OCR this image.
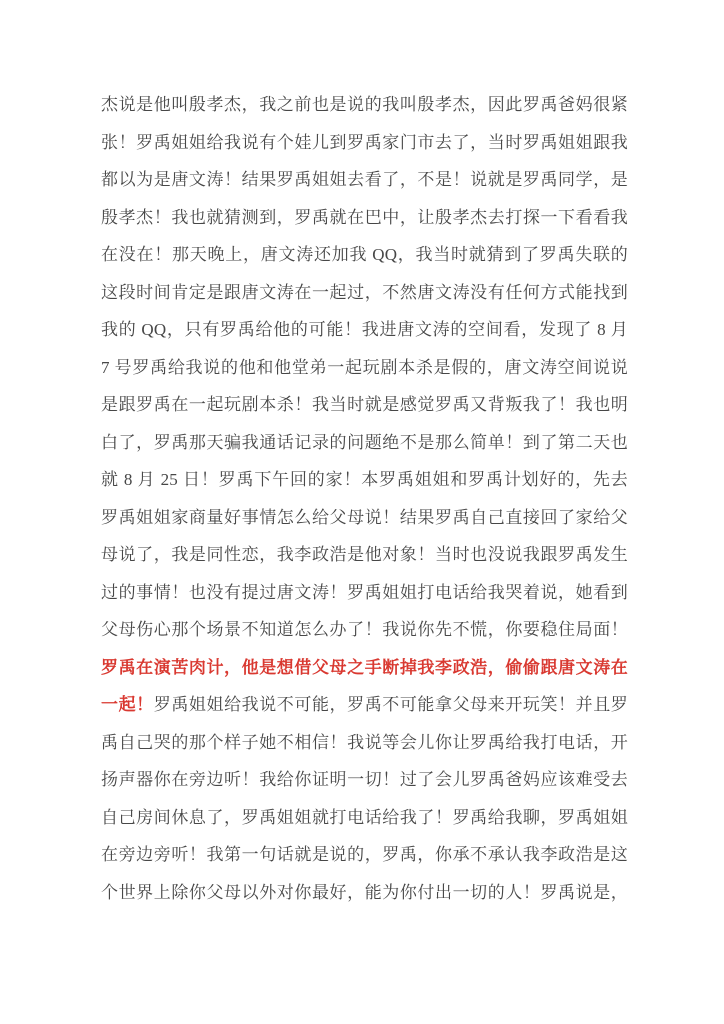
杰说是他叫殷孝杰，我之前也是说的我叫殷孝杰，因此罗禹爸妈很紧
张！罗禹姐姐给我说有个娃儿到罗禹家门市去了，当时罗禹姐姐跟我
都以为是唐文涛！结果罗禹姐姐去看了，不是！说就是罗禹同学，是
殷孝杰！我也就猜测到，罗禹就在巴中，让殷孝杰去打探一下看看我
在没在！那天晚上，唐文涛还加我 QQ，我当时就猜到了罗禹失联的
这段时间肯定是跟唐文涛在一起过，不然唐文涛没有任何方式能找到
我的 QQ，只有罗禹给他的可能！我进唐文涛的空间看，发现了 8 月
7 号罗禹给我说的他和他堂弟一起玩剧本杀是假的，唐文涛空间说说
是跟罗禹在一起玩剧本杀！我当时就是感觉罗禹又背叛我了！我也明
白了，罗禹那天骗我通话记录的问题绝不是那么简单！到了第二天也
就 8 月 25 日！罗禹下午回的家！本罗禹姐姐和罗禹计划好的，先去
罗禹姐姐家商量好事情怎么给父母说！结果罗禹自己直接回了家给父
母说了，我是同性恋，我李政浩是他对象！当时也没说我跟罗禹发生
过的事情！也没有提过唐文涛！罗禹姐姐打电话给我哭着说，她看到
父母伤心那个场景不知道怎么办了！我说你先不慌，你要稳住局面！
罗禹在演苦肉计，他是想借父母之手断掉我李政浩，偷偷跟唐文涛在
一起！罗禹姐姐给我说不可能，罗禹不可能拿父母来开玩笑！并且罗
禹自己哭的那个样子她不相信！我说等会儿你让罗禹给我打电话，开
扬声器你在旁边听！我给你证明一切！过了会儿罗禹爸妈应该难受去
自己房间休息了，罗禹姐姐就打电话给我了！罗禹给我聊，罗禹姐姐
在旁边旁听！我第一句话就是说的，罗禹，你承不承认我李政浩是这
个世界上除你父母以外对你最好，能为你付出一切的人！罗禹说是，
